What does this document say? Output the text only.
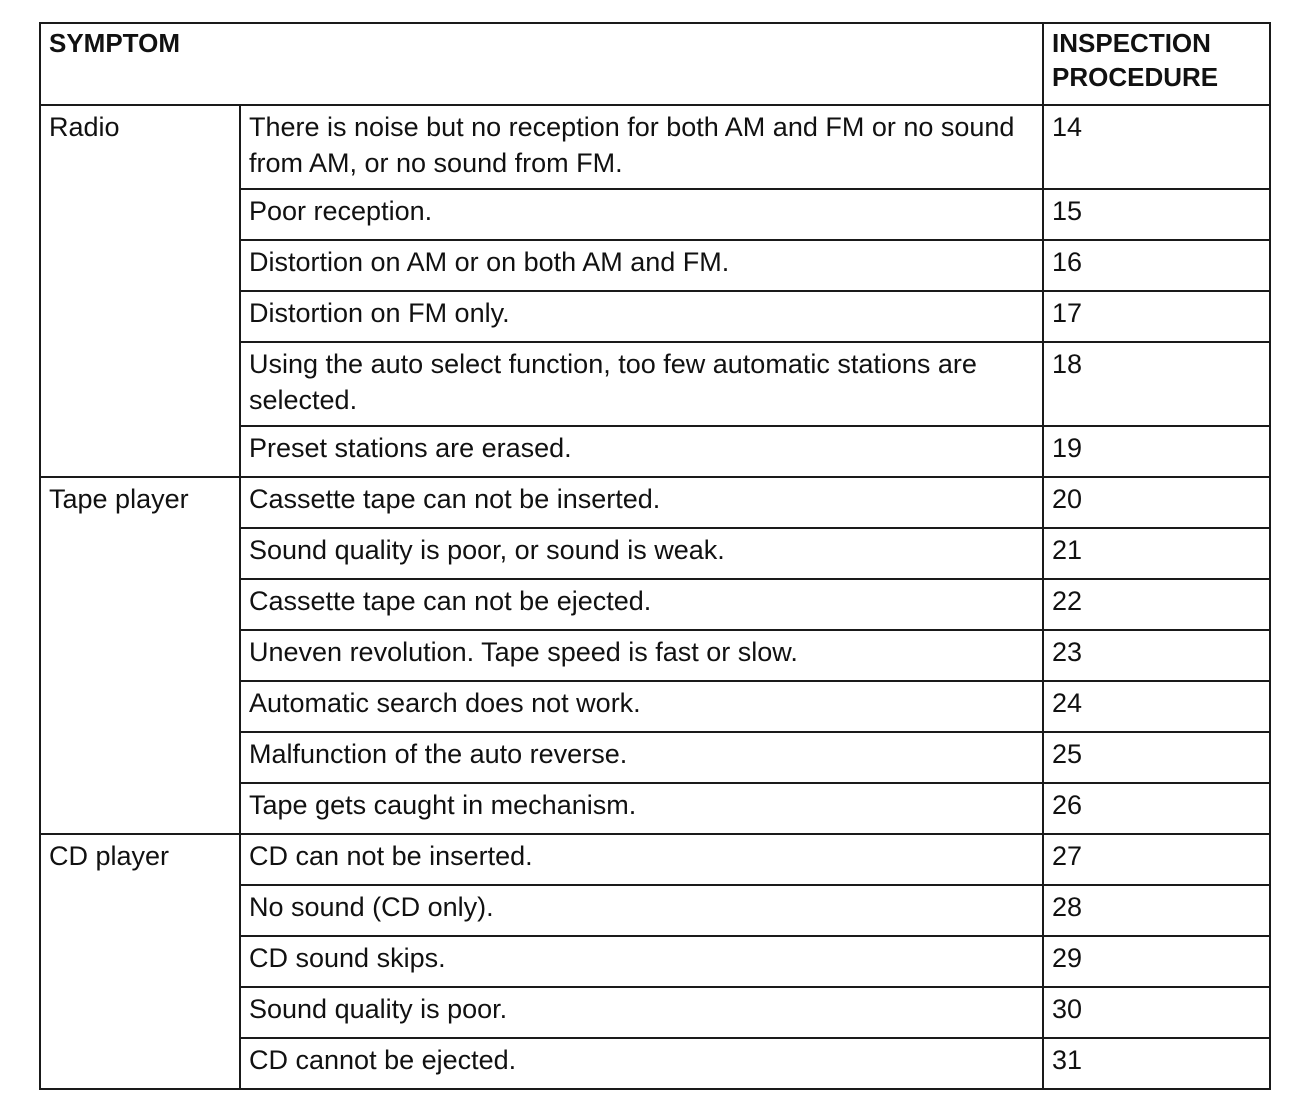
SYMPTOM		INSPECTION PROCEDURE
Radio	There is noise but no reception for both AM and FM or no sound from AM, or no sound from FM.	14
	Poor reception.	15
	Distortion on AM or on both AM and FM.	16
	Distortion on FM only.	17
	Using the auto select function, too few automatic stations are selected.	18
	Preset stations are erased.	19
Tape player	Cassette tape can not be inserted.	20
	Sound quality is poor, or sound is weak.	21
	Cassette tape can not be ejected.	22
	Uneven revolution. Tape speed is fast or slow.	23
	Automatic search does not work.	24
	Malfunction of the auto reverse.	25
	Tape gets caught in mechanism.	26
CD player	CD can not be inserted.	27
	No sound (CD only).	28
	CD sound skips.	29
	Sound quality is poor.	30
	CD cannot be ejected.	31
